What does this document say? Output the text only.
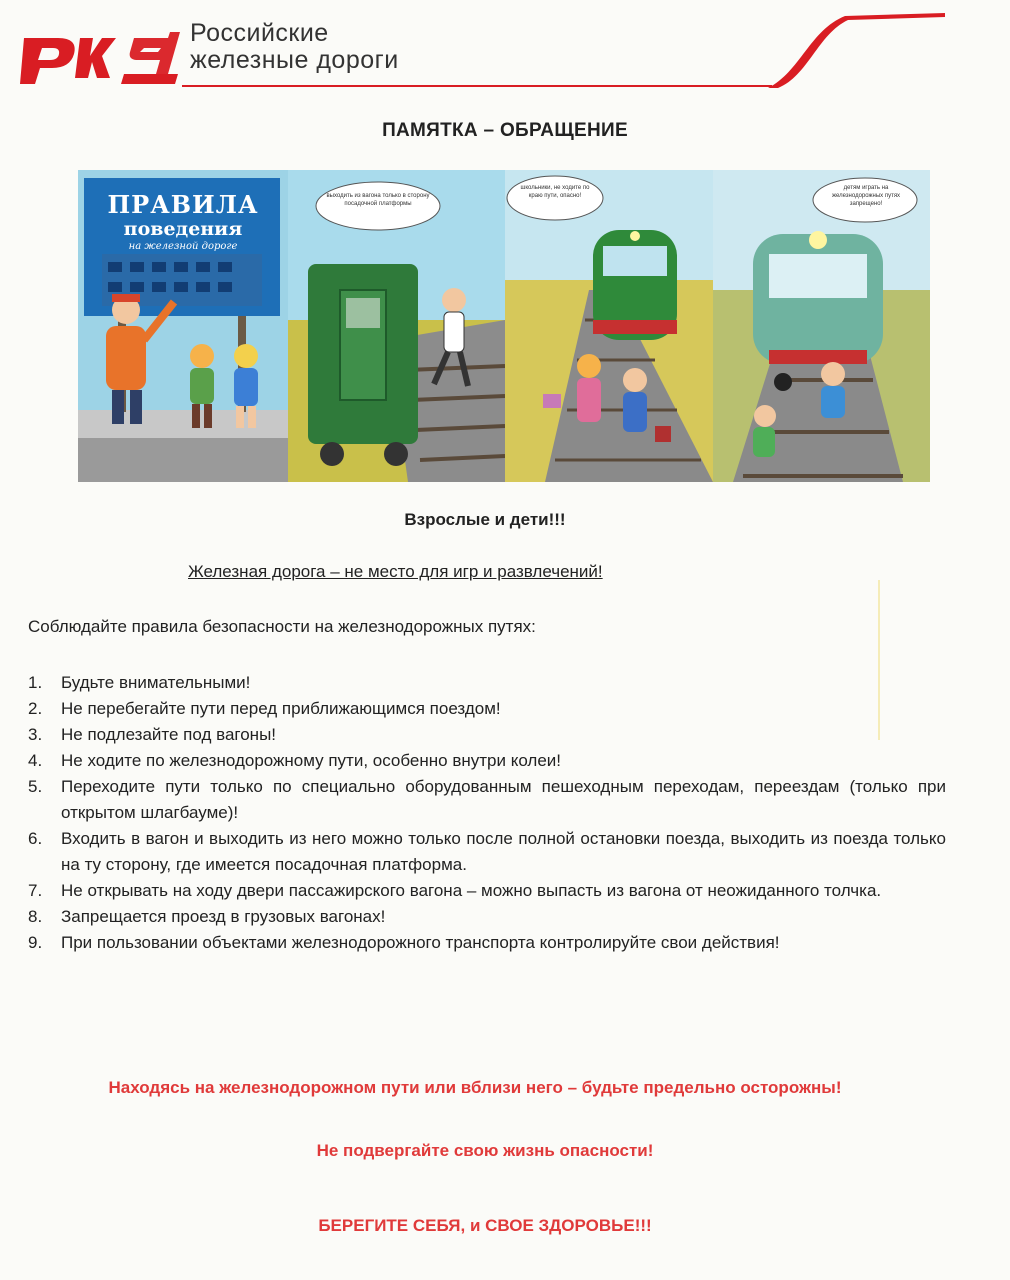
Российские
железные дороги
ПАМЯТКА – ОБРАЩЕНИЕ
ПРАВИЛА
поведения
на железной дороге
выходить из вагона только в сторону посадочной платформы
школьники, не ходите по краю пути, опасно!
детям играть на железнодорожных путях запрещено!
Взрослые и дети!!!
Железная дорога – не место для игр и развлечений!
Соблюдайте правила безопасности на железнодорожных путях:
1. Будьте внимательными!
2. Не перебегайте пути перед приближающимся поездом!
3. Не подлезайте под вагоны!
4. Не ходите по железнодорожному пути, особенно внутри колеи!
5. Переходите пути только по специально оборудованным пешеходным переходам, переездам (только при открытом шлагбауме)!
6. Входить в вагон и выходить из него можно только после полной остановки поезда, выходить из поезда только на ту сторону, где имеется посадочная платформа.
7. Не открывать на ходу двери пассажирского вагона – можно выпасть из вагона от неожиданного толчка.
8. Запрещается проезд в грузовых вагонах!
9. При пользовании объектами железнодорожного транспорта контролируйте свои действия!
Находясь на железнодорожном пути или вблизи него – будьте предельно осторожны!
Не подвергайте свою жизнь опасности!
БЕРЕГИТЕ СЕБЯ, и СВОЕ ЗДОРОВЬЕ!!!
